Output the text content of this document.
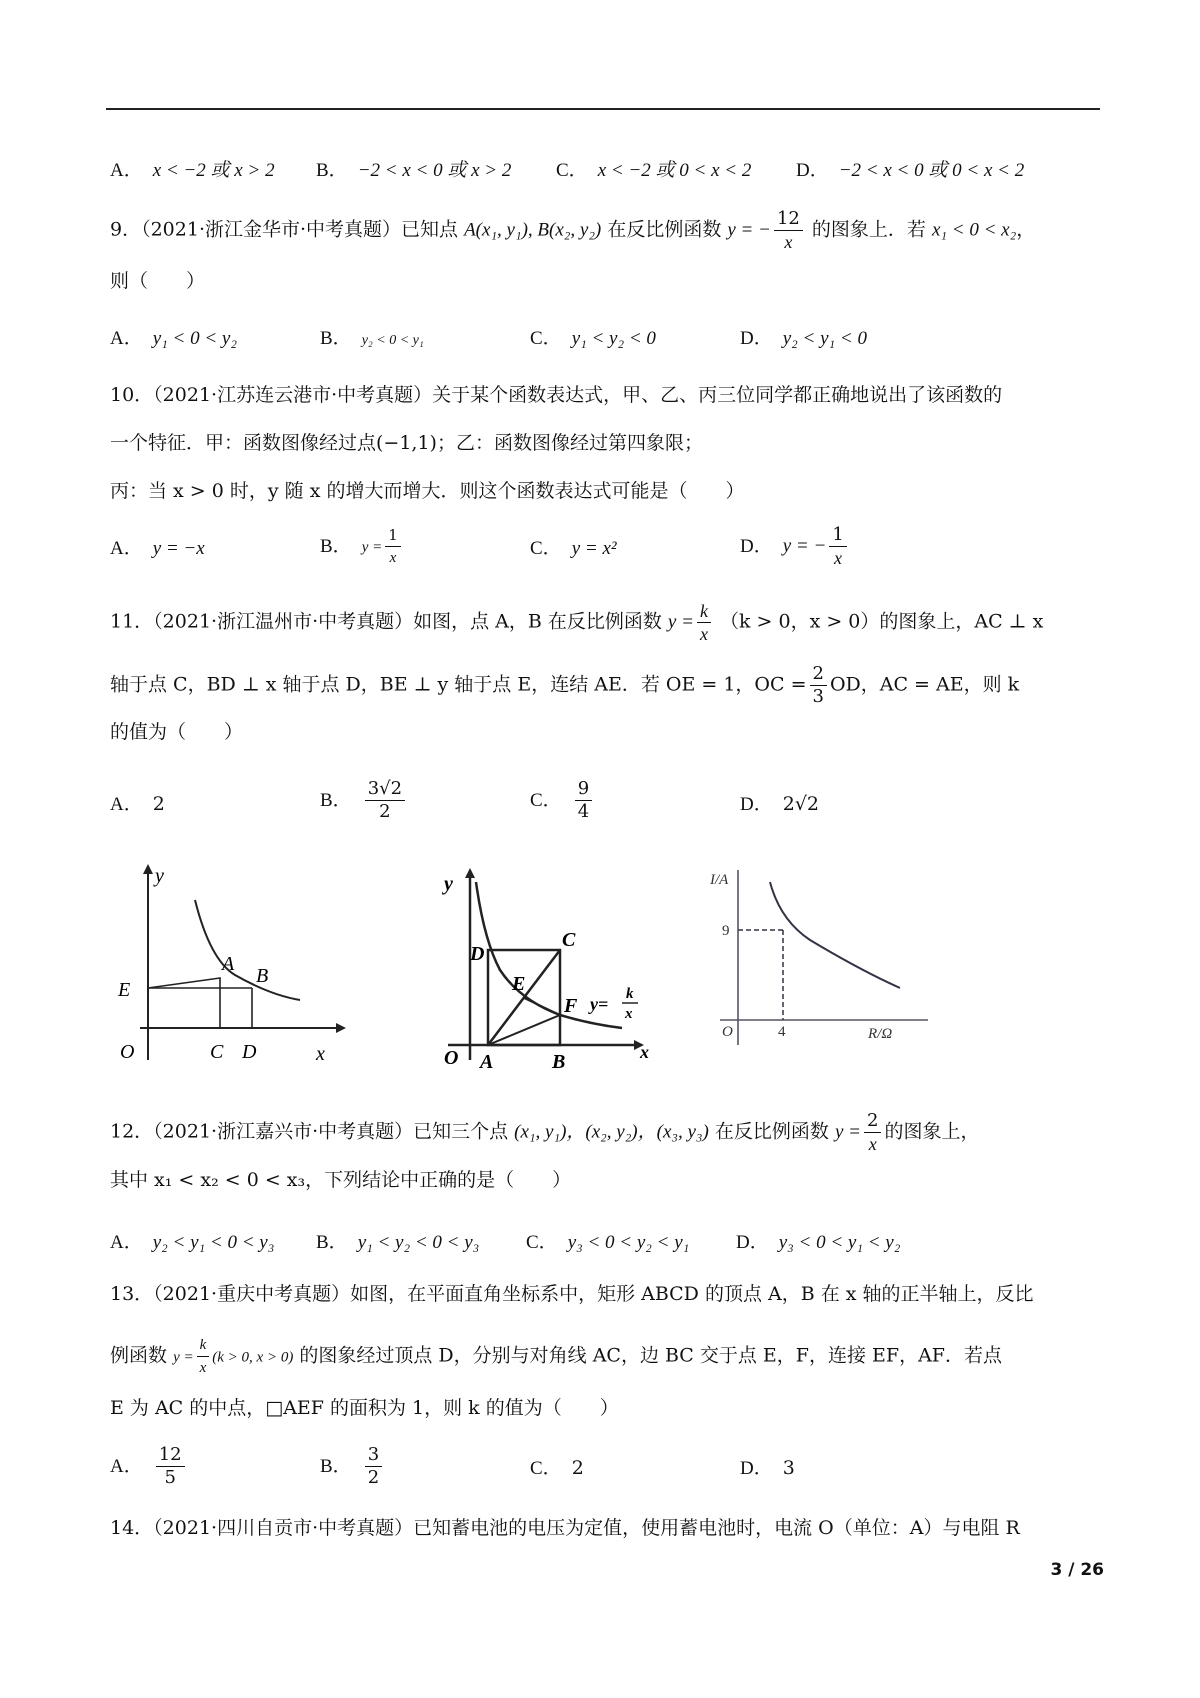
A． x < −2 或 x > 2 B． −2 < x < 0 或 x > 2 C． x < −2 或 0 < x < 2 D． −2 < x < 0 或 0 < x < 2
9．（2021·浙江金华市·中考真题）已知点 A(x₁, y₁), B(x₂, y₂) 在反比例函数 y = − $\frac{12}{x}$ 的图象上．若 x₁ < 0 < x₂，
则（　　）
A． y₁ < 0 < y₂	B． y₂ < 0 < y₁	C． y₁ < y₂ < 0	D． y₂ < y₁ < 0
10．（2021·江苏连云港市·中考真题）关于某个函数表达式，甲、乙、丙三位同学都正确地说出了该函数的
一个特征．甲：函数图像经过点(−1,1)；乙：函数图像经过第四象限；
丙：当 x > 0 时，y 随 x 的增大而增大．则这个函数表达式可能是（　　）
A． y = −x	B． $y = \frac{1}{x}$	C． y = x²	D． y = − $\frac{1}{x}$
11．（2021·浙江温州市·中考真题）如图，点 A，B 在反比例函数 $y = \frac{k}{x} (k > 0$，x > 0）的图象上，AC ⊥ x
轴于点 C，BD ⊥ x 轴于点 D，BE ⊥ y 轴于点 E，连结 AE．若 OE = 1，OC = $\frac{2}{3}$ OD，AC = AE，则 k
的值为（　　）
A． 2	B． $\frac{3√2}{2}$	C． $\frac{9}{4}$	D． 2√2
y
x
O
E
A
B
C D
y
x
O A	B
C
D
E
F y= k
x
I/A
R/Ω
O
9
4
12．（2021·浙江嘉兴市·中考真题）已知三个点 (x₁, y₁)，(x₂, y₂)，(x₃, y₃) 在反比例函数 $y = \frac{2}{x}$ 的图象上，
其中 x₁ < x₂ < 0 < x₃，下列结论中正确的是（　　）
A． y₂ < y₁ < 0 < y₃ B． y₁ < y₂ < 0 < y₃ C． y₃ < 0 < y₂ < y₁ D． y₃ < 0 < y₁ < y₂
13．（2021·重庆中考真题）如图，在平面直角坐标系中，矩形 ABCD 的顶点 A，B 在 x 轴的正半轴上，反比
例函数 $y = \frac{k}{x} (k > 0$, x > 0) 的图象经过顶点 D，分别与对角线 AC，边 BC 交于点 E，F，连接 EF，AF．若点
E 为 AC 的中点，□AEF 的面积为 1，则 k 的值为（　　）
A． $\frac{12}{5}$	B． $\frac{3}{2}$	C． 2	D． 3
14．（2021·四川自贡市·中考真题）已知蓄电池的电压为定值，使用蓄电池时，电流 O（单位：A）与电阻 R
3 / 26
